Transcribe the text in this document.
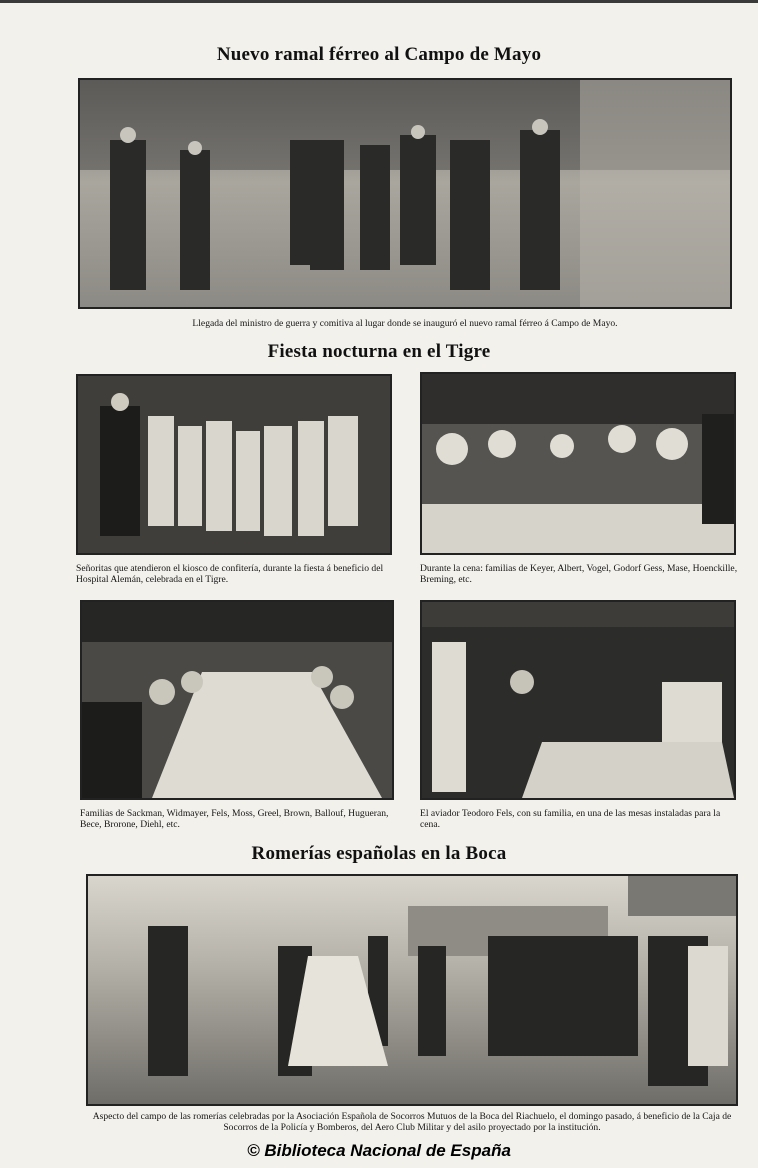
Nuevo ramal férreo al Campo de Mayo
Llegada del ministro de guerra y comitiva al lugar donde se inauguró el nuevo ramal férreo á Campo de Mayo.
Fiesta nocturna en el Tigre
Señoritas que atendieron el kiosco de confitería, durante la fiesta á beneficio del Hospital Alemán, celebrada en el Tigre.
Durante la cena: familias de Keyer, Albert, Vogel, Godorf Gess, Mase, Hoenckille, Breming, etc.
Familias de Sackman, Widmayer, Fels, Moss, Greel, Brown, Ballouf, Hugueran, Bece, Brorone, Diehl, etc.
El aviador Teodoro Fels, con su familia, en una de las mesas instaladas para la cena.
Romerías españolas en la Boca
Aspecto del campo de las romerías celebradas por la Asociación Española de Socorros Mutuos de la Boca del Riachuelo, el domingo pasado, á beneficio de la Caja de Socorros de la Policía y Bomberos, del Aero Club Militar y del asilo proyectado por la institución.
© Biblioteca Nacional de España
